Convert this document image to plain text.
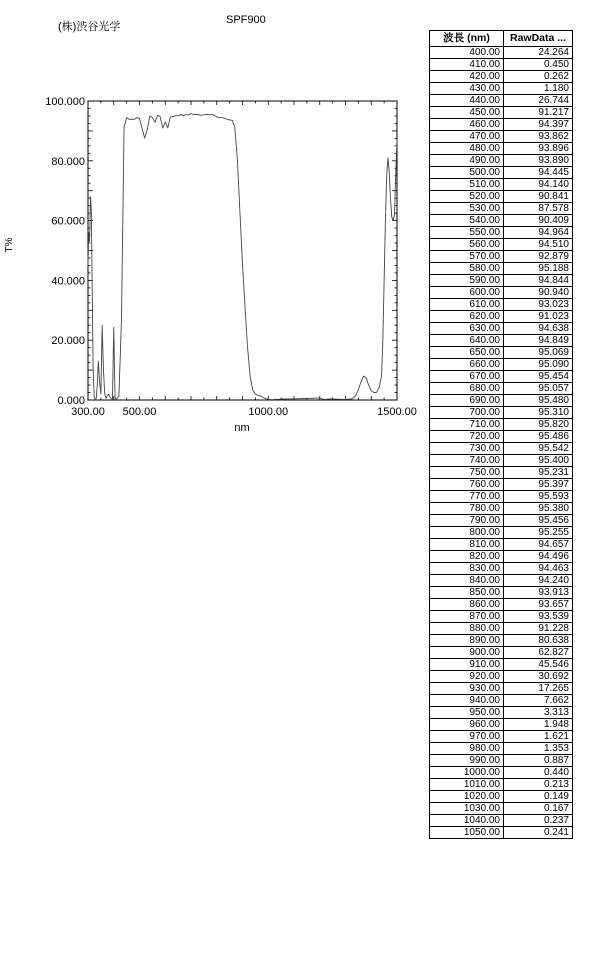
(株)渋谷光学
SPF900
300.00 500.00	1000.00	1500.00
0.000
20.000
40.000
60.000
80.000
100.000
nm
T%
波長 (nm)	RawData ...
400.00	24.264
410.00	0.450
420.00	0.262
430.00	1.180
440.00	26.744
450.00	91.217
460.00	94.397
470.00	93.862
480.00	93.896
490.00	93.890
500.00	94.445
510.00	94.140
520.00	90.841
530.00	87.578
540.00	90.409
550.00	94.964
560.00	94.510
570.00	92.879
580.00	95.188
590.00	94.844
600.00	90.940
610.00	93.023
620.00	91.023
630.00	94.638
640.00	94.849
650.00	95.069
660.00	95.090
670.00	95.454
680.00	95.057
690.00	95.480
700.00	95.310
710.00	95.820
720.00	95.486
730.00	95.542
740.00	95.400
750.00	95.231
760.00	95.397
770.00	95.593
780.00	95.380
790.00	95.456
800.00	95.255
810.00	94.657
820.00	94.496
830.00	94.463
840.00	94.240
850.00	93.913
860.00	93.657
870.00	93.539
880.00	91.228
890.00	80.638
900.00	62.827
910.00	45.546
920.00	30.692
930.00	17.265
940.00	7.662
950.00	3.313
960.00	1.948
970.00	1.621
980.00	1.353
990.00	0.887
1000.00	0.440
1010.00	0.213
1020.00	0.149
1030.00	0.167
1040.00	0.237
1050.00	0.241
